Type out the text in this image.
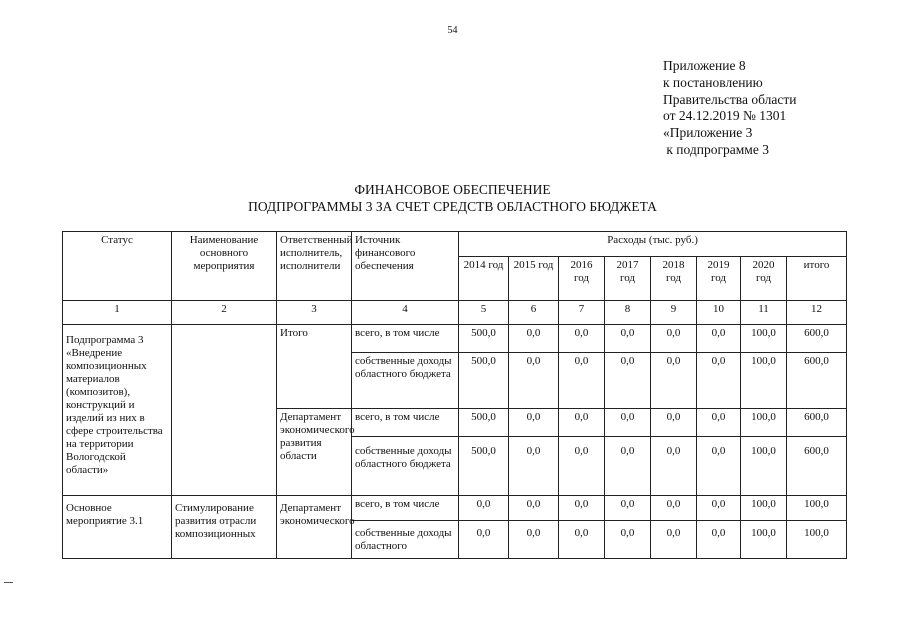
54
Приложение 8
к постановлению
Правительства области
от 24.12.2019 № 1301
«Приложение 3
к подпрограмме 3
ФИНАНСОВОЕ ОБЕСПЕЧЕНИЕ
ПОДПРОГРАММЫ 3 ЗА СЧЕТ СРЕДСТВ ОБЛАСТНОГО БЮДЖЕТА
Статус	Наименование основного мероприятия	Ответственный исполнитель, исполнители	Источник финансового обеспечения	Расходы (тыс. руб.)							
				2014 год	2015 год	2016 год	2017 год	2018 год	2019 год	2020 год	итого
1	2	3	4	5	6	7	8	9	10	11	12
Подпрограмма 3 «Внедрение композиционных материалов (композитов), конструкций и изделий из них в сфере строительства на территории Вологодской области»		Итого	всего, в том числе	500,0	0,0	0,0	0,0	0,0	0,0	100,0	600,0
			собственные доходы областного бюджета	500,0	0,0	0,0	0,0	0,0	0,0	100,0	600,0
		Департамент экономического развития области	всего, в том числе	500,0	0,0	0,0	0,0	0,0	0,0	100,0	600,0
			собственные доходы областного бюджета	500,0	0,0	0,0	0,0	0,0	0,0	100,0	600,0
Основное мероприятие 3.1	Стимулирование развития отрасли композиционных	Департамент экономического	всего, в том числе	0,0	0,0	0,0	0,0	0,0	0,0	100,0	100,0
			собственные доходы областного	0,0	0,0	0,0	0,0	0,0	0,0	100,0	100,0
